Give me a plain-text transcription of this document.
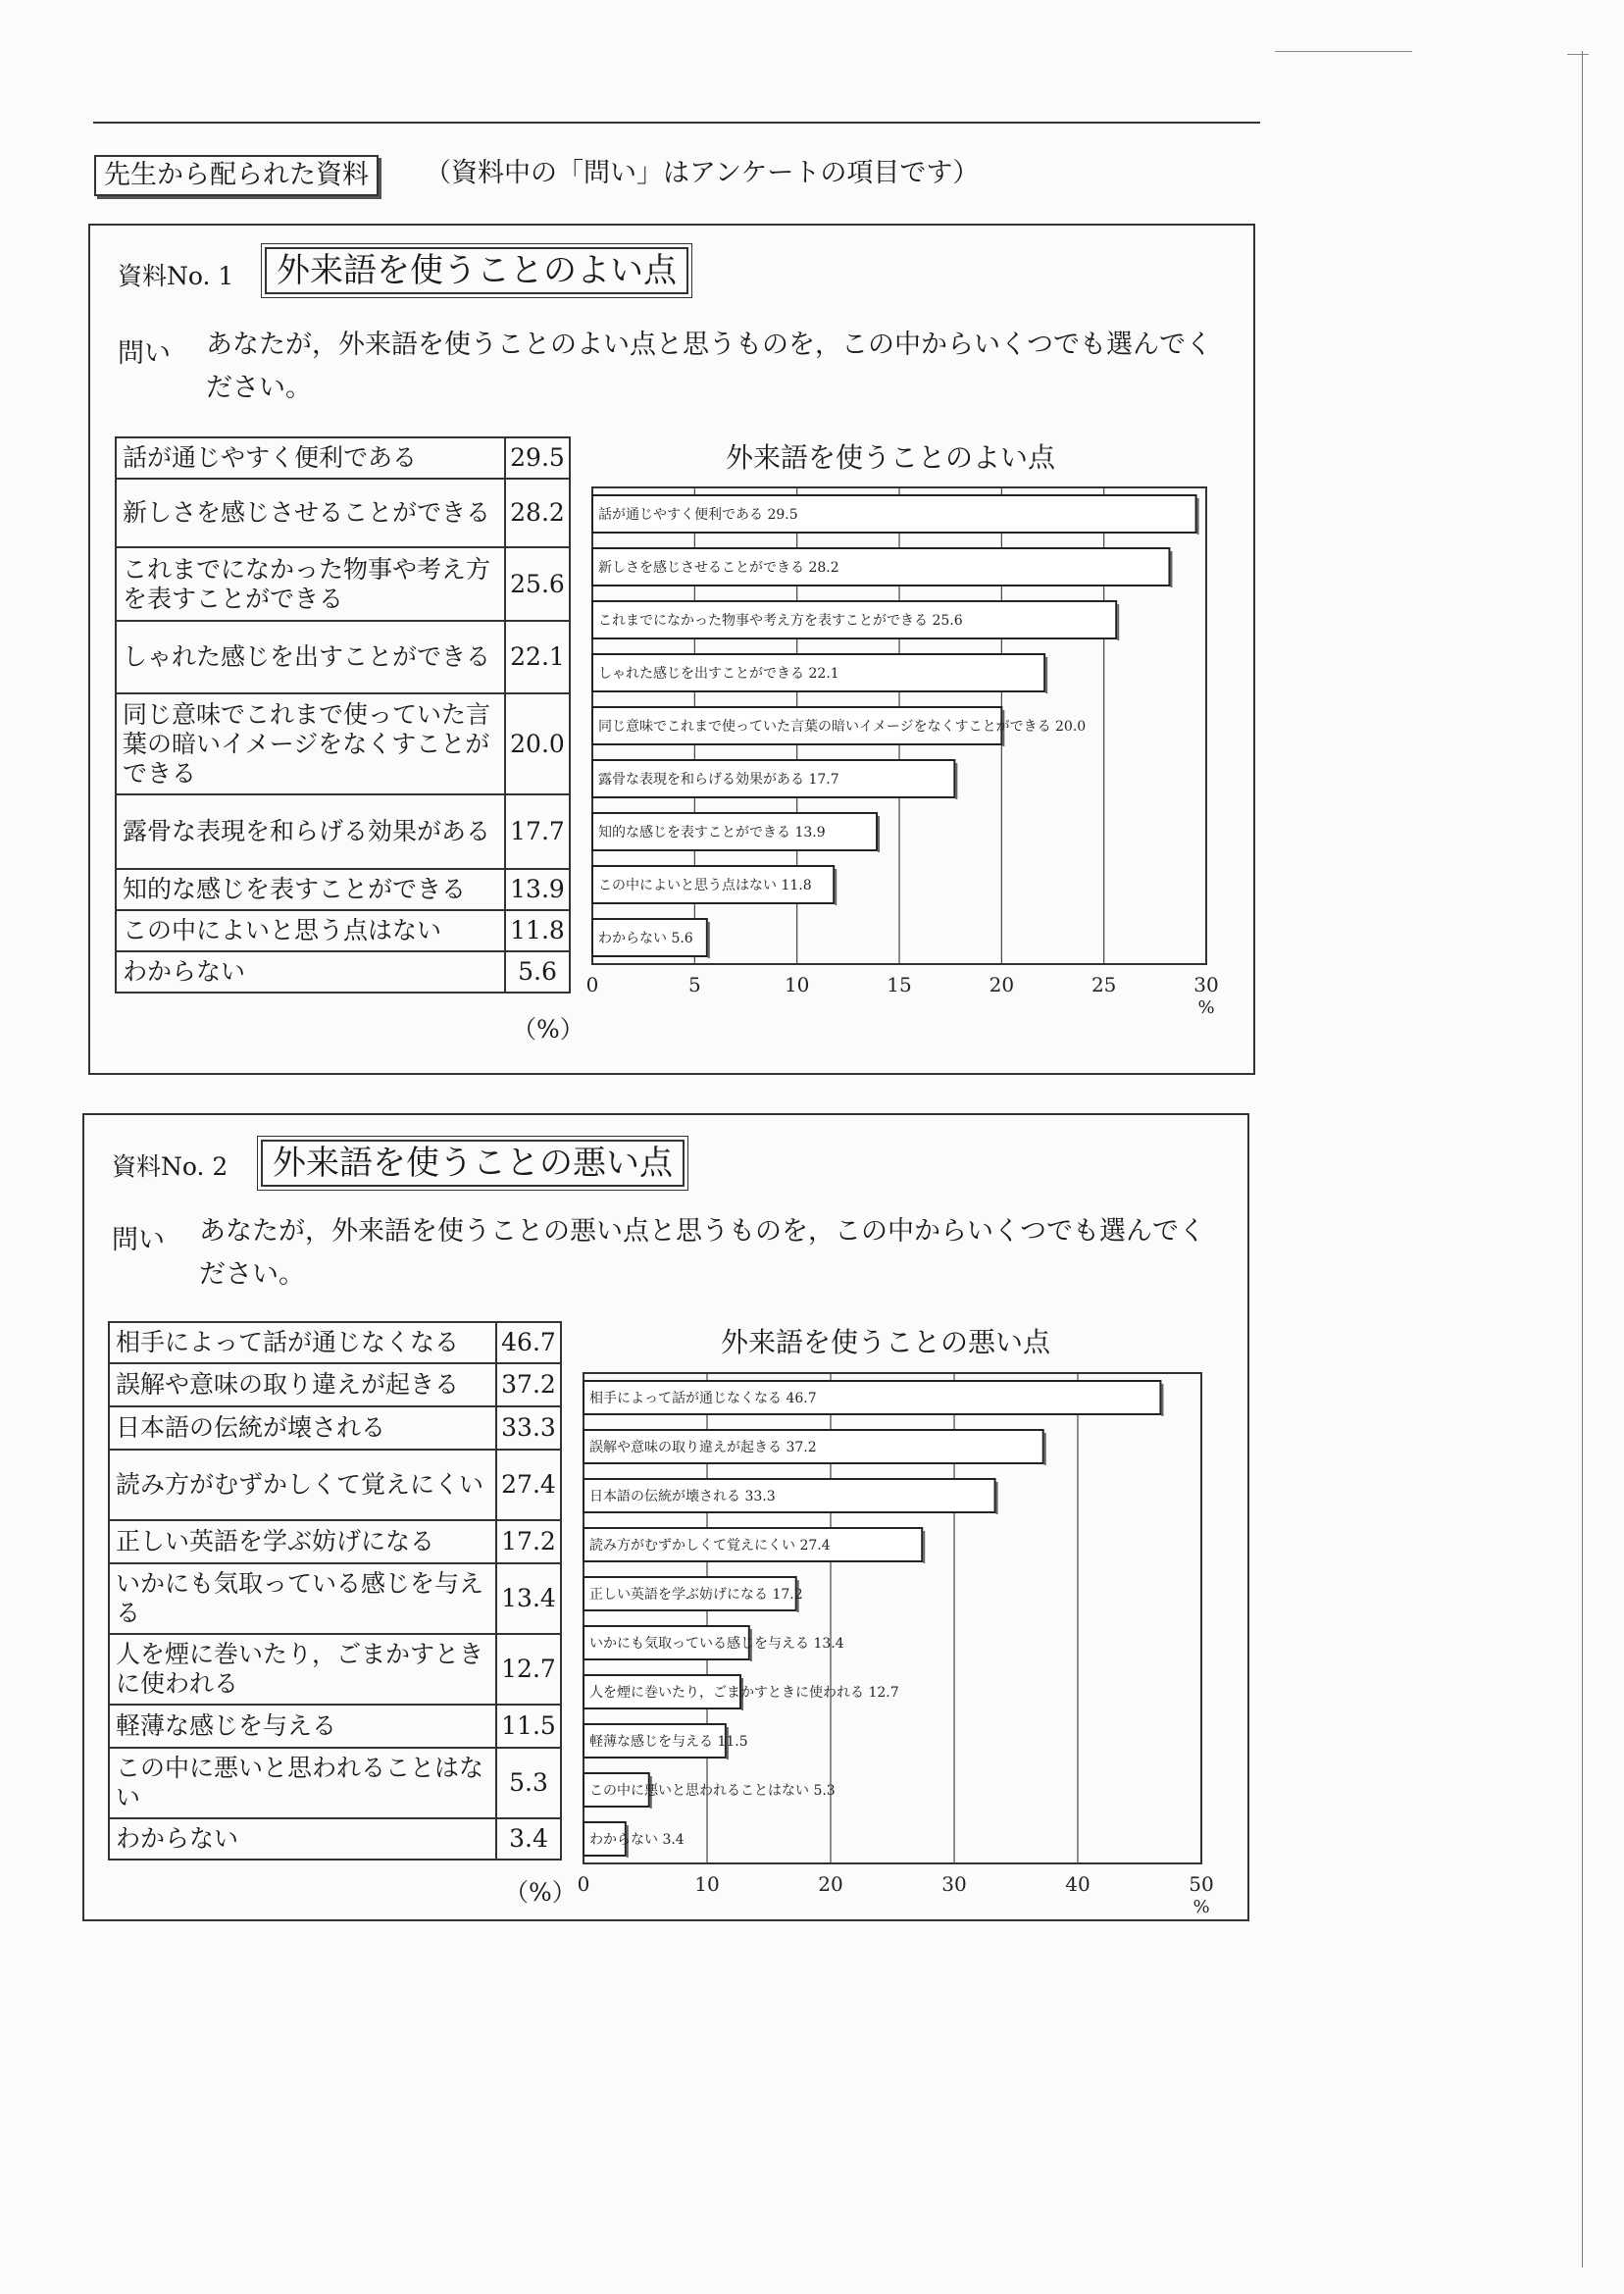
先生から配られた資料	（資料中の「問い」はアンケートの項目です）
資料No. 1	外来語を使うことのよい点
問い あなたが，外来語を使うことのよい点と思うものを，この中からいくつでも選んでください。
話が通じやすく便利である	29.5
新しさを感じさせることができる	28.2
これまでになかった物事や考え方を表すことができる	25.6
しゃれた感じを出すことができる	22.1
同じ意味でこれまで使っていた言葉の暗いイメージをなくすことができる	20.0
露骨な表現を和らげる効果がある	17.7
知的な感じを表すことができる	13.9
この中によいと思う点はない	11.8
わからない	5.6
（%）
外来語を使うことのよい点
0	5	10	15	20	25	30
%
話が通じやすく便利である 29.5
新しさを感じさせることができる 28.2
これまでになかった物事や考え方を表すことができる 25.6
しゃれた感じを出すことができる 22.1
同じ意味でこれまで使っていた言葉の暗いイメージをなくすことができる 20.0
露骨な表現を和らげる効果がある 17.7
知的な感じを表すことができる 13.9
この中によいと思う点はない 11.8
わからない 5.6
資料No. 2	外来語を使うことの悪い点
問い あなたが，外来語を使うことの悪い点と思うものを，この中からいくつでも選んでください。
相手によって話が通じなくなる	46.7
誤解や意味の取り違えが起きる	37.2
日本語の伝統が壊される	33.3
読み方がむずかしくて覚えにくい	27.4
正しい英語を学ぶ妨げになる	17.2
いかにも気取っている感じを与える	13.4
人を煙に巻いたり，ごまかすときに使われる	12.7
軽薄な感じを与える	11.5
この中に悪いと思われることはない	5.3
わからない	3.4
（%）
外来語を使うことの悪い点
0	10	20	30	40	50
%
相手によって話が通じなくなる 46.7
誤解や意味の取り違えが起きる 37.2
日本語の伝統が壊される 33.3
読み方がむずかしくて覚えにくい 27.4
正しい英語を学ぶ妨げになる 17.2
いかにも気取っている感じを与える 13.4
人を煙に巻いたり，ごまかすときに使われる 12.7
軽薄な感じを与える 11.5
この中に悪いと思われることはない 5.3
わからない 3.4
